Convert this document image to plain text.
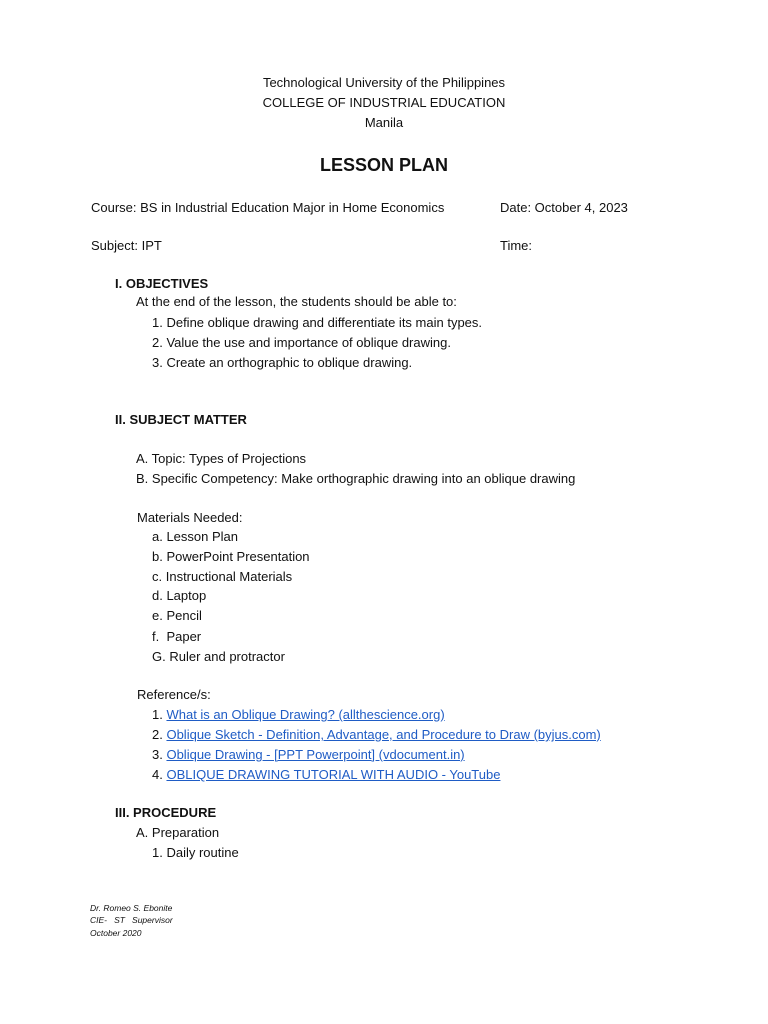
Technological University of the Philippines
COLLEGE OF INDUSTRIAL EDUCATION
Manila
LESSON PLAN
Course: BS in Industrial Education Major in Home Economics	Date: October 4, 2023
Subject: IPT	Time:
I. OBJECTIVES
At the end of the lesson, the students should be able to:
1. Define oblique drawing and differentiate its main types.
2. Value the use and importance of oblique drawing.
3. Create an orthographic to oblique drawing.
II. SUBJECT MATTER
A. Topic: Types of Projections
B. Specific Competency: Make orthographic drawing into an oblique drawing
Materials Needed:
a. Lesson Plan
b. PowerPoint Presentation
c. Instructional Materials
d. Laptop
e. Pencil
f.  Paper
G. Ruler and protractor
Reference/s:
1. What is an Oblique Drawing? (allthescience.org)
2. Oblique Sketch - Definition, Advantage, and Procedure to Draw (byjus.com)
3. Oblique Drawing - [PPT Powerpoint] (vdocument.in)
4. OBLIQUE DRAWING TUTORIAL WITH AUDIO - YouTube
III. PROCEDURE
A. Preparation
1. Daily routine
Dr. Romeo S. Ebonite
CIE-   ST   Supervisor
October 2020
